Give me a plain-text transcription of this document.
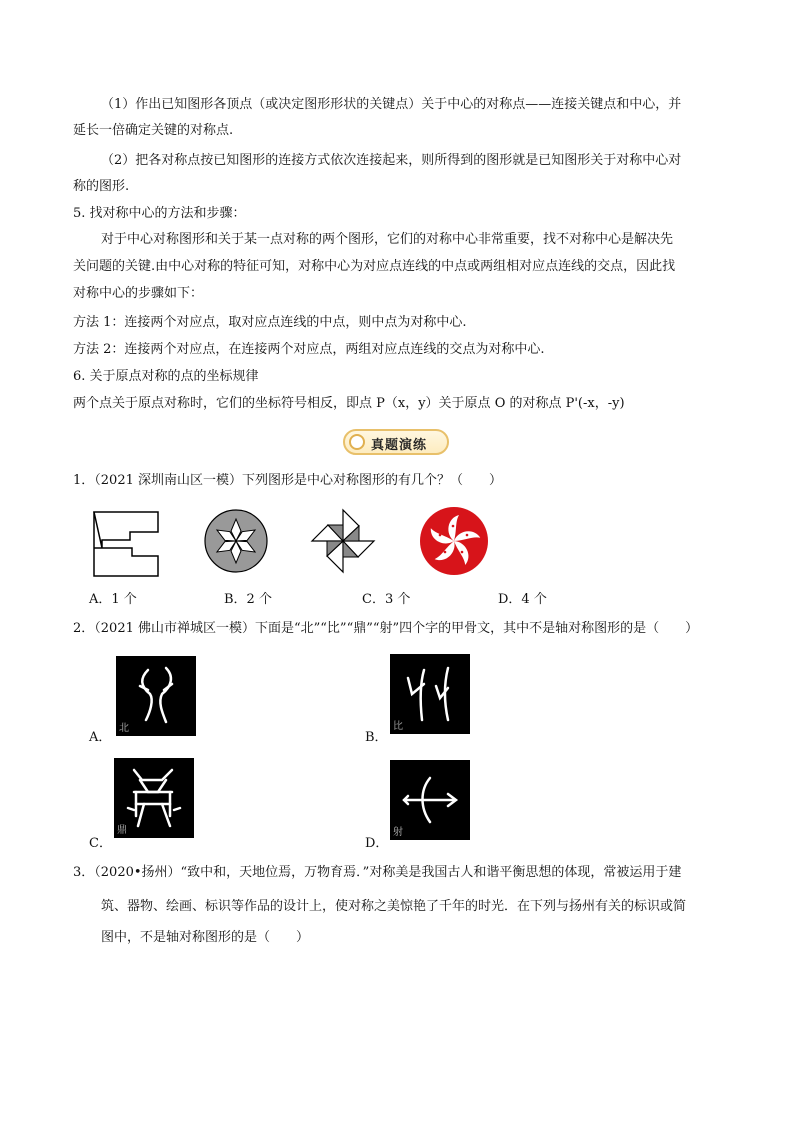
（1）作出已知图形各顶点（或决定图形形状的关键点）关于中心的对称点——连接关键点和中心，并
延长一倍确定关键的对称点.
（2）把各对称点按已知图形的连接方式依次连接起来，则所得到的图形就是已知图形关于对称中心对
称的图形.
5. 找对称中心的方法和步骤：
对于中心对称图形和关于某一点对称的两个图形，它们的对称中心非常重要，找不对称中心是解决先
关问题的关键.由中心对称的特征可知，对称中心为对应点连线的中点或两组相对应点连线的交点，因此找
对称中心的步骤如下：
方法 1：连接两个对应点，取对应点连线的中点，则中点为对称中心.
方法 2：连接两个对应点，在连接两个对应点，两组对应点连线的交点为对称中心.
6. 关于原点对称的点的坐标规律
两个点关于原点对称时，它们的坐标符号相反，即点 P（x，y）关于原点 O 的对称点 P'(-x，-y)
真题演练
1．（2021 深圳南山区一模）下列图形是中心对称图形的有几个？（　　）
A．1 个	B．2 个	C．3 个	D．4 个
2．（2021 佛山市禅城区一模）下面是“北”“比”“鼎”“射”四个字的甲骨文，其中不是轴对称图形的是（　　）
北
A．
比
B．
鼎
C．
射
D．
3．（2020•扬州）“致中和，天地位焉，万物育焉．”对称美是我国古人和谐平衡思想的体现，常被运用于建
筑、器物、绘画、标识等作品的设计上，使对称之美惊艳了千年的时光．在下列与扬州有关的标识或简
图中，不是轴对称图形的是（　　）
